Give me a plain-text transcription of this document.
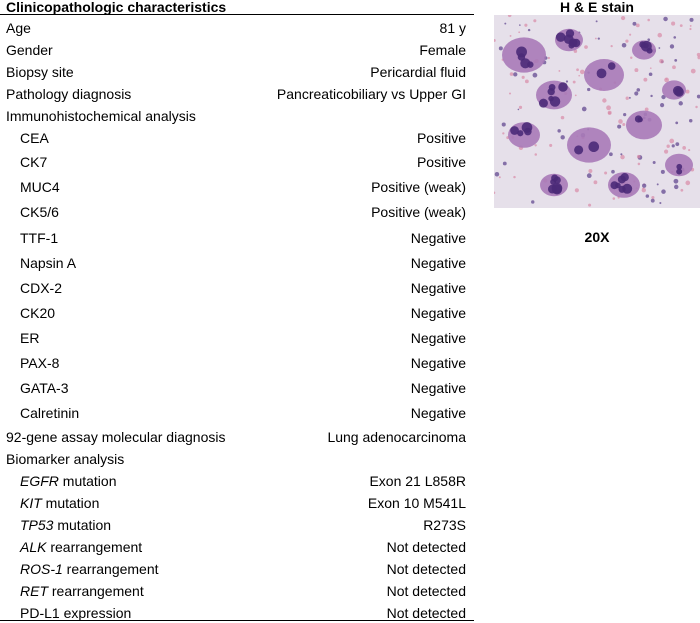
Clinicopathologic characteristics
Age	81 y
Gender	Female
Biopsy site	Pericardial fluid
Pathology diagnosis	Pancreaticobiliary vs Upper GI
Immunohistochemical analysis
CEA	Positive
CK7	Positive
MUC4	Positive (weak)
CK5/6	Positive (weak)
TTF-1	Negative
Napsin A	Negative
CDX-2	Negative
CK20	Negative
ER	Negative
PAX-8	Negative
GATA-3	Negative
Calretinin	Negative
92-gene assay molecular diagnosis	Lung adenocarcinoma
Biomarker analysis
EGFR mutation	Exon 21 L858R
KIT mutation	Exon 10 M541L
TP53 mutation	R273S
ALK rearrangement	Not detected
ROS-1 rearrangement	Not detected
RET rearrangement	Not detected
PD-L1 expression	Not detected
H & E stain
20X
